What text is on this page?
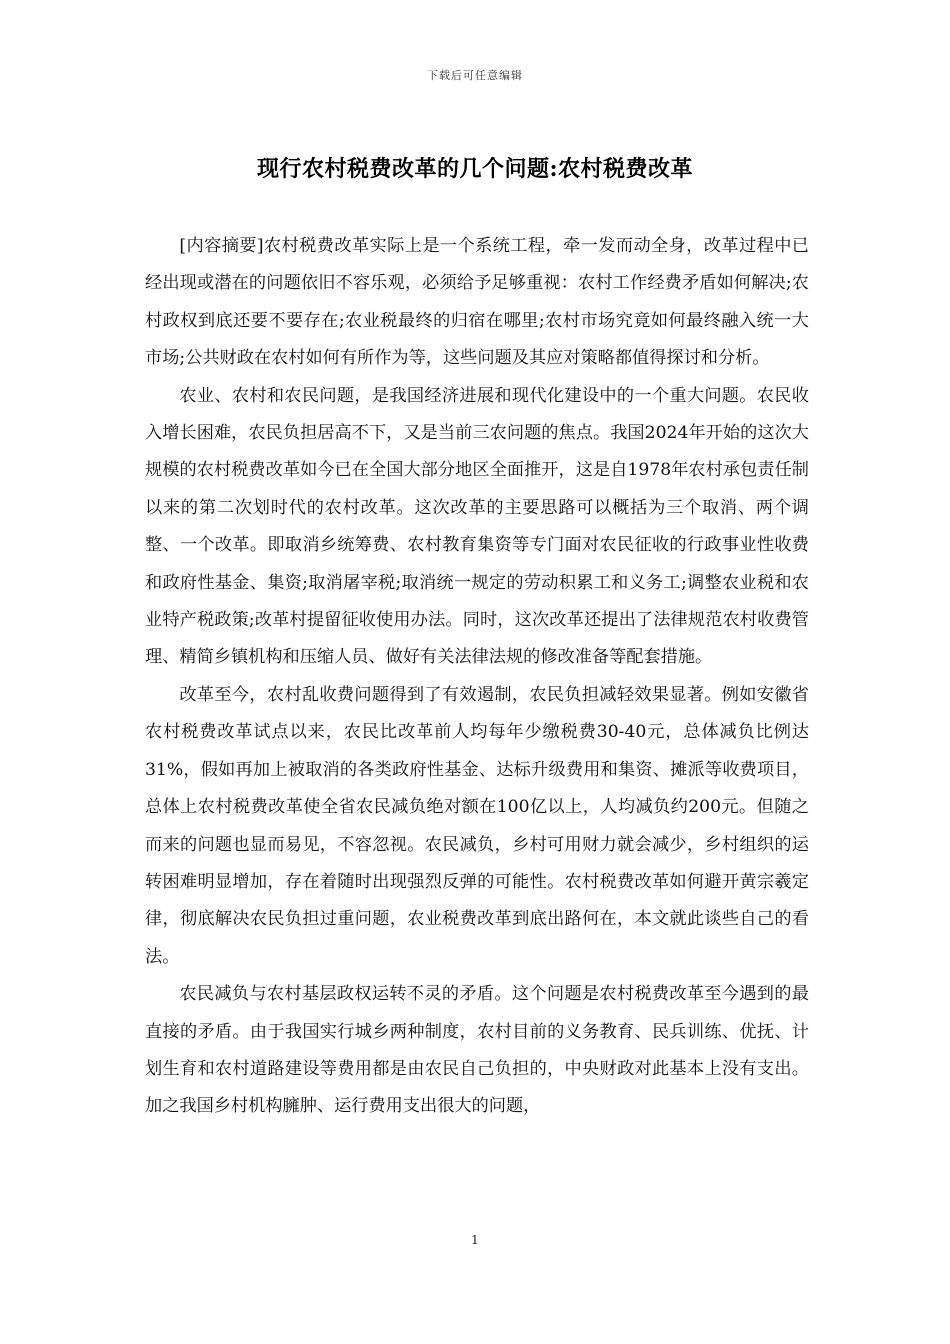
下载后可任意编辑
现行农村税费改革的几个问题:农村税费改革

[内容摘要]农村税费改革实际上是一个系统工程，牵一发而动全身，改革过程中已经出现或潜在的问题依旧不容乐观，必须给予足够重视：农村工作经费矛盾如何解决;农村政权到底还要不要存在;农业税最终的归宿在哪里;农村市场究竟如何最终融入统一大市场;公共财政在农村如何有所作为等，这些问题及其应对策略都值得探讨和分析。

农业、农村和农民问题，是我国经济进展和现代化建设中的一个重大问题。农民收入增长困难，农民负担居高不下，又是当前三农问题的焦点。我国2024年开始的这次大规模的农村税费改革如今已在全国大部分地区全面推开，这是自1978年农村承包责任制以来的第二次划时代的农村改革。这次改革的主要思路可以概括为三个取消、两个调整、一个改革。即取消乡统筹费、农村教育集资等专门面对农民征收的行政事业性收费和政府性基金、集资;取消屠宰税;取消统一规定的劳动积累工和义务工;调整农业税和农业特产税政策;改革村提留征收使用办法。同时，这次改革还提出了法律规范农村收费管理、精简乡镇机构和压缩人员、做好有关法律法规的修改准备等配套措施。

改革至今，农村乱收费问题得到了有效遏制，农民负担减轻效果显著。例如安徽省农村税费改革试点以来，农民比改革前人均每年少缴税费30-40元，总体减负比例达31%，假如再加上被取消的各类政府性基金、达标升级费用和集资、摊派等收费项目，总体上农村税费改革使全省农民减负绝对额在100亿以上，人均减负约200元。但随之而来的问题也显而易见，不容忽视。农民减负，乡村可用财力就会减少，乡村组织的运转困难明显增加，存在着随时出现强烈反弹的可能性。农村税费改革如何避开黄宗羲定律，彻底解决农民负担过重问题，农业税费改革到底出路何在，本文就此谈些自己的看法。

农民减负与农村基层政权运转不灵的矛盾。这个问题是农村税费改革至今遇到的最直接的矛盾。由于我国实行城乡两种制度，农村目前的义务教育、民兵训练、优抚、计划生育和农村道路建设等费用都是由农民自己负担的，中央财政对此基本上没有支出。加之我国乡村机构臃肿、运行费用支出很大的问题，

1
